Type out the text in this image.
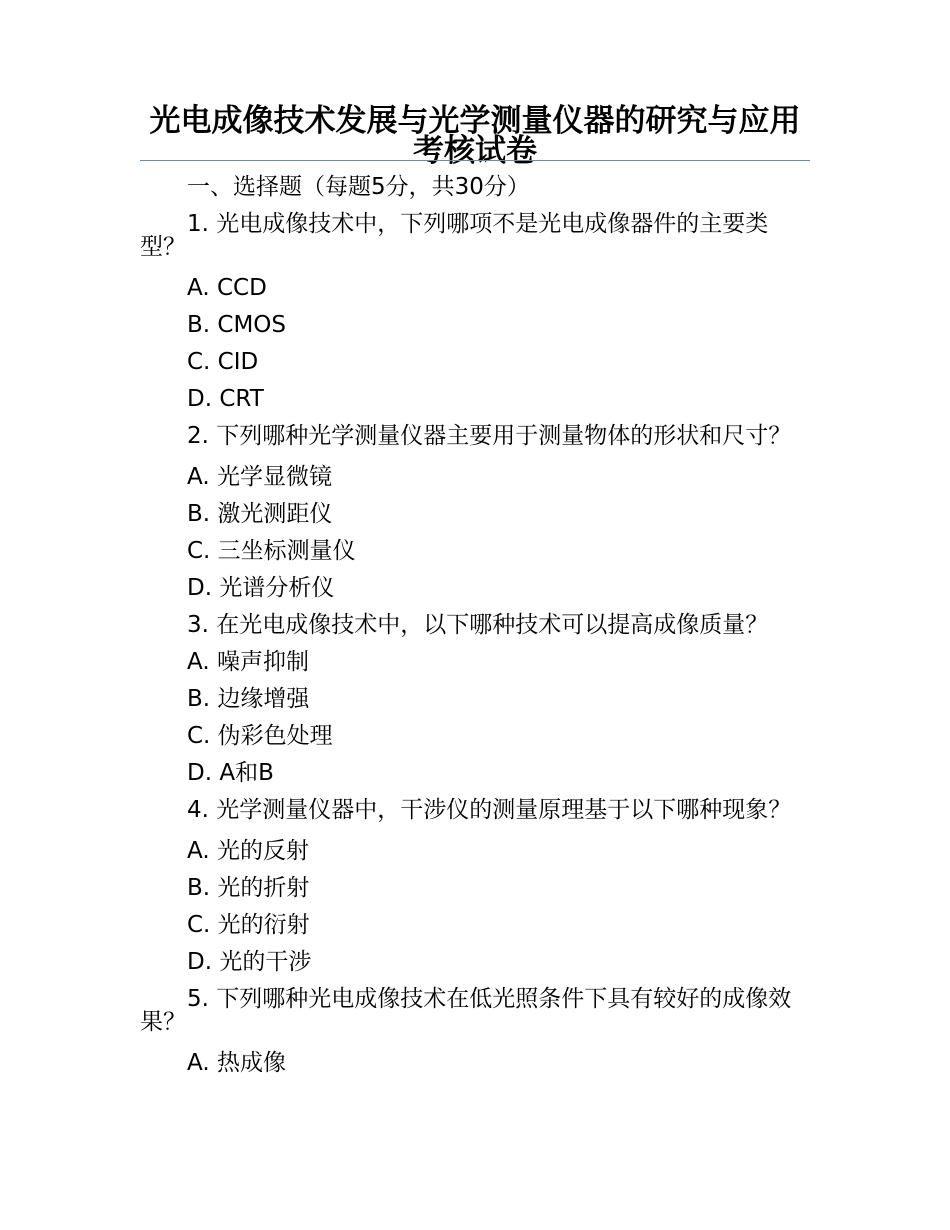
光电成像技术发展与光学测量仪器的研究与应用考核试卷

一、选择题（每题5分，共30分）

1. 光电成像技术中，下列哪项不是光电成像器件的主要类型？

A. CCD

B. CMOS

C. CID

D. CRT

2. 下列哪种光学测量仪器主要用于测量物体的形状和尺寸？

A. 光学显微镜

B. 激光测距仪

C. 三坐标测量仪

D. 光谱分析仪

3. 在光电成像技术中，以下哪种技术可以提高成像质量？

A. 噪声抑制

B. 边缘增强

C. 伪彩色处理

D. A和B

4. 光学测量仪器中，干涉仪的测量原理基于以下哪种现象？

A. 光的反射

B. 光的折射

C. 光的衍射

D. 光的干涉

5. 下列哪种光电成像技术在低光照条件下具有较好的成像效果？

A. 热成像
